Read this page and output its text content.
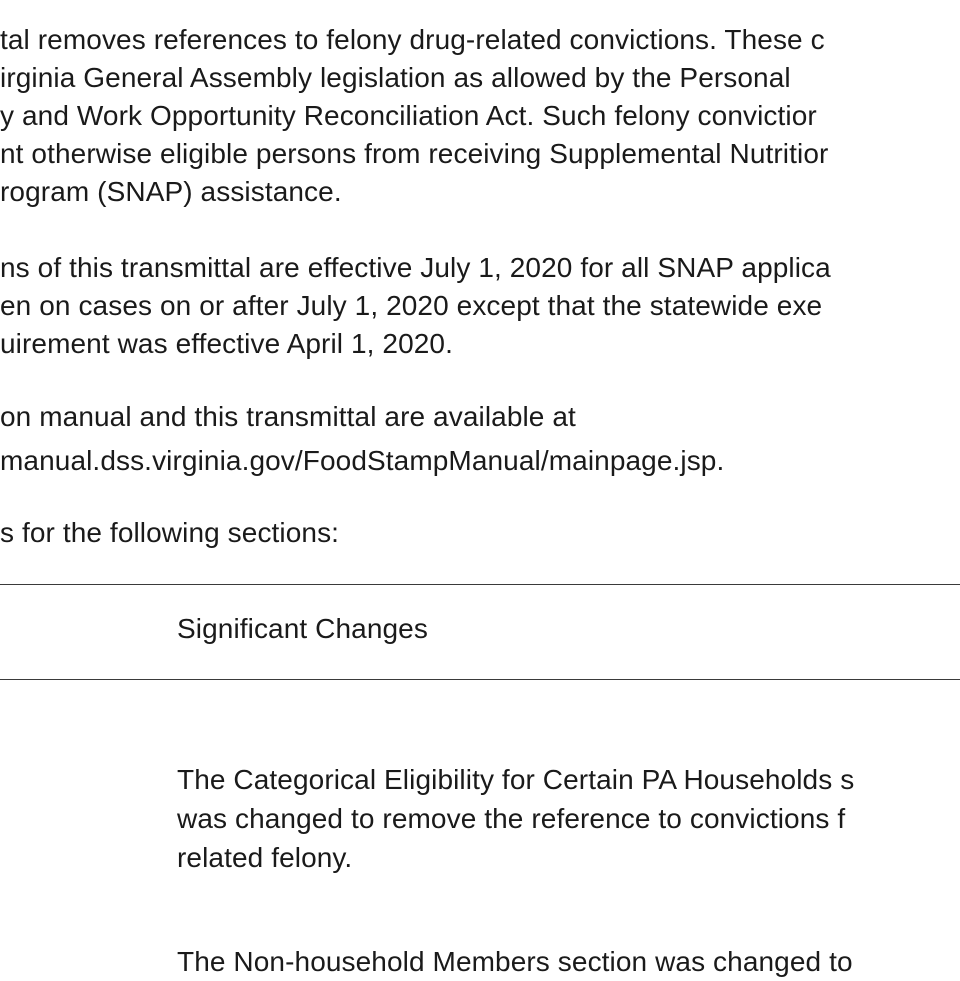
tal removes references to felony drug-related convictions. These c
irginia General Assembly legislation as allowed by the Personal
y and Work Opportunity Reconciliation Act. Such felony convictior
nt otherwise eligible persons from receiving Supplemental Nutritior
rogram (SNAP) assistance.
ns of this transmittal are effective July 1, 2020 for all SNAP applica
en on cases on or after July 1, 2020 except that the statewide exe
uirement was effective April 1, 2020.
on manual and this transmittal are available at
manual.dss.virginia.gov/FoodStampManual/mainpage.jsp.
s for the following sections:
Significant Changes
The Categorical Eligibility for Certain PA Households s
was changed to remove the reference to convictions f
related felony.
The Non-household Members section was changed to
